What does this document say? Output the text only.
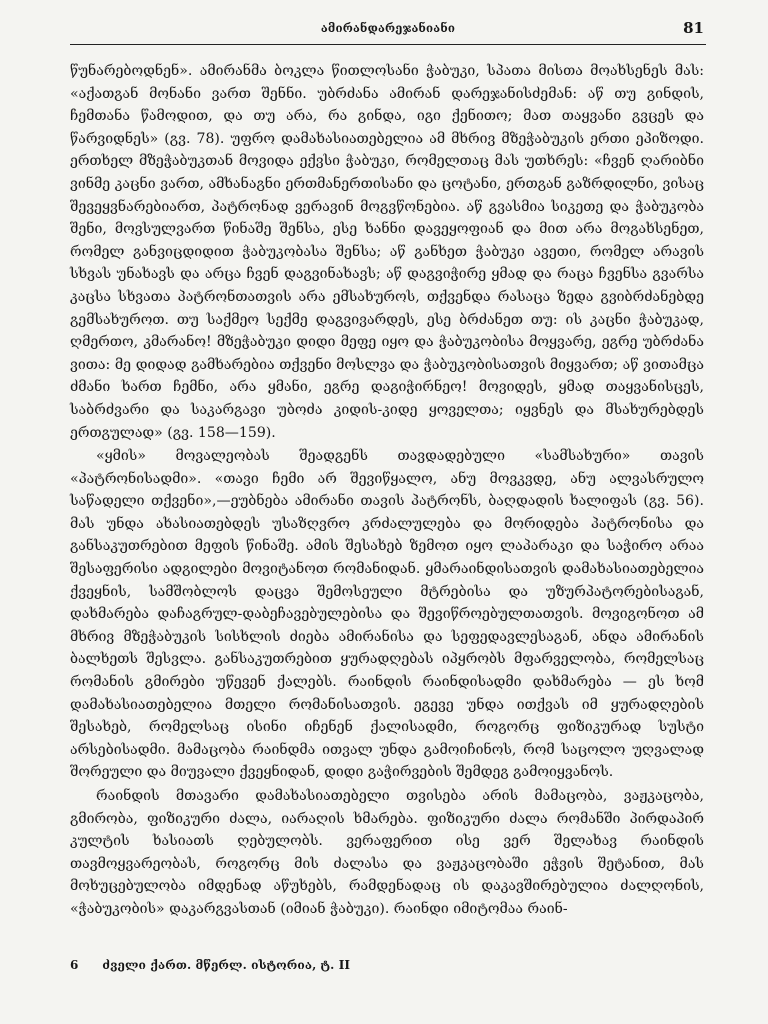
ამირანდარეჯანიანი	81

წუნარებოდნენ». ამირანმა ბოკლა წითლოსანი ჭაბუკი, სპათა მისთა მოახსენეს მას: «აქათგან მონანი ვართ შენნი. უბრძანა ამირან დარეჯანისძემან: აწ თუ გინდის, ჩემთანა წამოდით, და თუ არა, რა გინდა, იგი ქენითო; მათ თაყვანი გვცეს და წარვიდნეს» (გვ. 78). უფრო დამახასიათებელია ამ მხრივ მზეჭაბუკის ერთი ეპიზოდი. ერთხელ მზეჭაბუკთან მოვიდა ექვსი ჭაბუკი, რომელთაც მას უთხრეს: «ჩვენ ღარიბნი ვინმე კაცნი ვართ, ამხანაგნი ერთმანერთისანი და ცოტანი, ერთგან გაზრდილნი, ვისაც შევეყვნარებიართ, პატრონად ვერავინ მოგვწონებია. აწ გვასმია სიკეთე და ჭაბუკობა შენი, მოვსულვართ წინაშე შენსა, ესე ხანნი დავეყოფიან და მით არა მოგახსენეთ, რომელ განვიცდიდით ჭაბუკობასა შენსა; აწ განხეთ ჭაბუკი ავეთი, რომელ არავის სხვას უნახავს და არცა ჩვენ დაგვინახავს; აწ დაგვიჭირე ყმად და რაცა ჩვენსა გვარსა კაცსა სხვათა პატრონთათვის არა ემსახუროს, თქვენდა რასაცა ზედა გვიბრძანებდე გემსახუროთ. თუ საქმეო სექმე დაგვივარდეს, ესე ბრძანეთ თუ: ის კაცნი ჭაბუკად, ღმერთო, კმარანო! მზეჭაბუკი დიდი მეფე იყო და ჭაბუკობისა მოყვარე, ეგრე უბრძანა ვითა: მე დიდად გამხარებია თქვენი მოსლვა და ჭაბუკობისათვის მიყვართ; აწ ვითამცა ძმანი ხართ ჩემნი, არა ყმანი, ეგრე დაგიჭირნეო! მოვიდეს, ყმად თაყვანისცეს, საბრძვარი და საკარგავი უბოძა კიდის-კიდე ყოველთა; იყვნეს და მსახურებდეს ერთგულად» (გვ. 158—159).

«ყმის» მოვალეობას შეადგენს თავდადებული «სამსახური» თავის «პატრონისადმი». «თავი ჩემი არ შევიწყალო, ანუ მოვკვდე, ანუ ალვასრულო საწადელი თქვენი»,—ეუბნება ამირანი თავის პატრონს, ბაღდადის ხალიფას (გვ. 56). მას უნდა ახასიათებდეს უსაზღვრო კრძალულება და მორიდება პატრონისა და განსაკუთრებით მეფის წინაშე. ამის შესახებ ზემოთ იყო ლაპარაკი და საჭირო არაა შესაფერისი ადგილები მოვიტანოთ რომანიდან. ყმარაინდისათვის დამახასიათებელია ქვეყნის, სამშობლოს დაცვა შემოსეული მტრებისა და უზურპატორებისაგან, დახმარება დაჩაგრულ-დაბეჩავებულებისა და შევიწროებულთათვის. მოვიგონოთ ამ მხრივ მზეჭაბუკის სისხლის ძიება ამირანისა და სეფედავლესაგან, ანდა ამირანის ბალხეთს შესვლა. განსაკუთრებით ყურადღებას იპყრობს მფარველობა, რომელსაც რომანის გმირები უწევენ ქალებს. რაინდის რაინდისადმი დახმარება — ეს ხომ დამახასიათებელია მთელი რომანისათვის. ეგევე უნდა ითქვას იმ ყურადღების შესახებ, რომელსაც ისინი იჩენენ ქალისადმი, როგორც ფიზიკურად სუსტი არსებისადმი. მამაცობა რაინდმა ითვალ უნდა გამოიჩინოს, რომ საცოლო უღვალად შორეული და მიუვალი ქვეყნიდან, დიდი გაჭირვების შემდეგ გამოიყვანოს.

რაინდის მთავარი დამახასიათებელი თვისება არის მამაცობა, ვაჟკაცობა, გმირობა, ფიზიკური ძალა, იარაღის ხმარება. ფიზიკური ძალა რომანში პირდაპირ კულტის ხასიათს ღებულობს. ვერაფერით ისე ვერ შელახავ რაინდის თავმოყვარეობას, როგორც მის ძალასა და ვაჟკაცობაში ეჭვის შეტანით, მას მოხუცებულობა იმდენად აწუხებს, რამდენადაც ის დაკავშირებულია ძალღონის, «ჭაბუკობის» დაკარგვასთან (იმიან ჭაბუკი). რაინდი იმიტომაა რაინ-

6 ძველი ქართ. მწერლ. ისტორია, ტ. II
